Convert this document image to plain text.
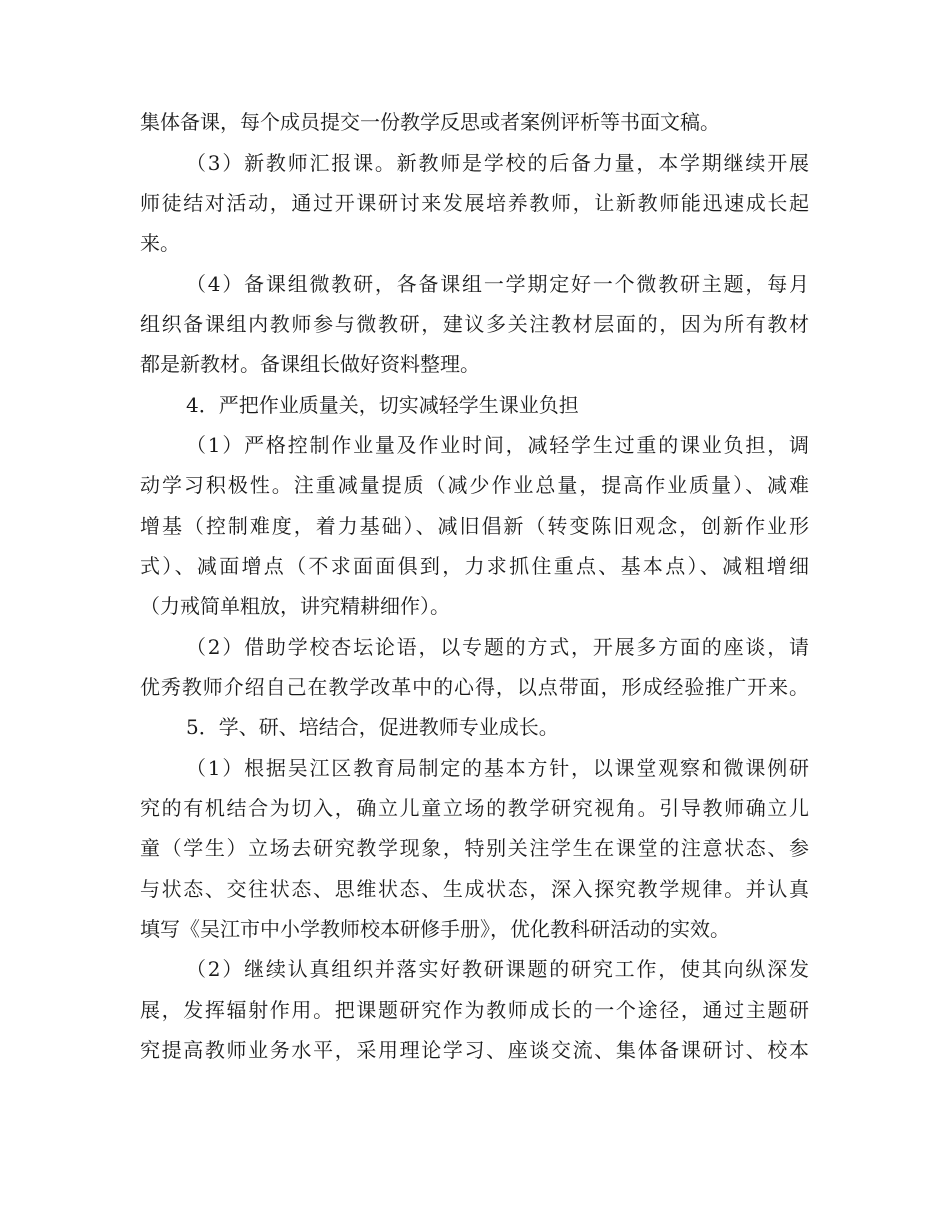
集体备课，每个成员提交一份教学反思或者案例评析等书面文稿。
（3）新教师汇报课。新教师是学校的后备力量，本学期继续开展
师徒结对活动，通过开课研讨来发展培养教师，让新教师能迅速成长起
来。
（4）备课组微教研，各备课组一学期定好一个微教研主题，每月
组织备课组内教师参与微教研，建议多关注教材层面的，因为所有教材
都是新教材。备课组长做好资料整理。
4．严把作业质量关，切实减轻学生课业负担
（1）严格控制作业量及作业时间，减轻学生过重的课业负担，调
动学习积极性。注重减量提质（减少作业总量，提高作业质量）、减难
增基（控制难度，着力基础）、减旧倡新（转变陈旧观念，创新作业形
式）、减面增点（不求面面俱到，力求抓住重点、基本点）、减粗增细
（力戒简单粗放，讲究精耕细作）。
（2）借助学校杏坛论语，以专题的方式，开展多方面的座谈，请
优秀教师介绍自己在教学改革中的心得，以点带面，形成经验推广开来。
5．学、研、培结合，促进教师专业成长。
（1）根据吴江区教育局制定的基本方针，以课堂观察和微课例研
究的有机结合为切入，确立儿童立场的教学研究视角。引导教师确立儿
童（学生）立场去研究教学现象，特别关注学生在课堂的注意状态、参
与状态、交往状态、思维状态、生成状态，深入探究教学规律。并认真
填写《吴江市中小学教师校本研修手册》，优化教科研活动的实效。
（2）继续认真组织并落实好教研课题的研究工作，使其向纵深发
展，发挥辐射作用。把课题研究作为教师成长的一个途径，通过主题研
究提高教师业务水平，采用理论学习、座谈交流、集体备课研讨、校本
